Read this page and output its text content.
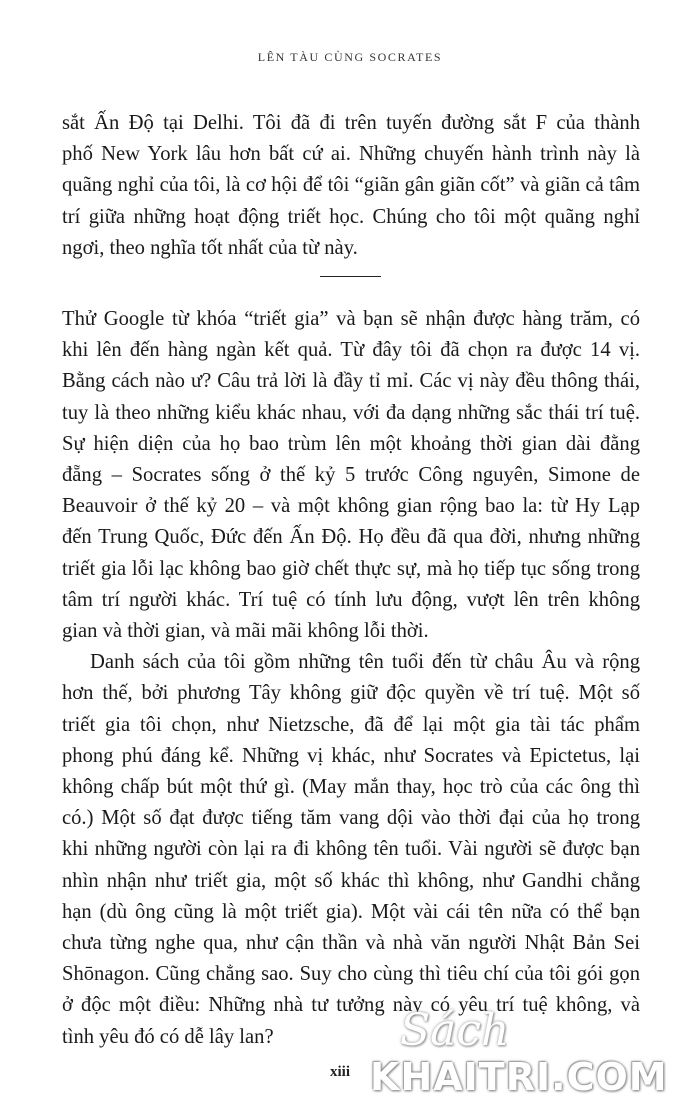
LÊN TÀU CÙNG SOCRATES
sắt Ấn Độ tại Delhi. Tôi đã đi trên tuyến đường sắt F của thành
phố New York lâu hơn bất cứ ai. Những chuyến hành trình này là
quãng nghỉ của tôi, là cơ hội để tôi “giãn gân giãn cốt” và giãn cả tâm
trí giữa những hoạt động triết học. Chúng cho tôi một quãng nghỉ
ngơi, theo nghĩa tốt nhất của từ này.
Thử Google từ khóa “triết gia” và bạn sẽ nhận được hàng trăm, có
khi lên đến hàng ngàn kết quả. Từ đây tôi đã chọn ra được 14 vị.
Bằng cách nào ư? Câu trả lời là đầy tỉ mỉ. Các vị này đều thông thái,
tuy là theo những kiểu khác nhau, với đa dạng những sắc thái trí tuệ.
Sự hiện diện của họ bao trùm lên một khoảng thời gian dài đằng
đẵng – Socrates sống ở thế kỷ 5 trước Công nguyên, Simone de
Beauvoir ở thế kỷ 20 – và một không gian rộng bao la: từ Hy Lạp
đến Trung Quốc, Đức đến Ấn Độ. Họ đều đã qua đời, nhưng những
triết gia lỗi lạc không bao giờ chết thực sự, mà họ tiếp tục sống trong
tâm trí người khác. Trí tuệ có tính lưu động, vượt lên trên không
gian và thời gian, và mãi mãi không lỗi thời.
Danh sách của tôi gồm những tên tuổi đến từ châu Âu và rộng
hơn thế, bởi phương Tây không giữ độc quyền về trí tuệ. Một số
triết gia tôi chọn, như Nietzsche, đã để lại một gia tài tác phẩm
phong phú đáng kể. Những vị khác, như Socrates và Epictetus, lại
không chấp bút một thứ gì. (May mắn thay, học trò của các ông thì
có.) Một số đạt được tiếng tăm vang dội vào thời đại của họ trong
khi những người còn lại ra đi không tên tuổi. Vài người sẽ được bạn
nhìn nhận như triết gia, một số khác thì không, như Gandhi chẳng
hạn (dù ông cũng là một triết gia). Một vài cái tên nữa có thể bạn
chưa từng nghe qua, như cận thần và nhà văn người Nhật Bản Sei
Shōnagon. Cũng chẳng sao. Suy cho cùng thì tiêu chí của tôi gói gọn
ở độc một điều: Những nhà tư tưởng này có yêu trí tuệ không, và
tình yêu đó có dễ lây lan?
xiii
Sách
KHAITRI.COM
